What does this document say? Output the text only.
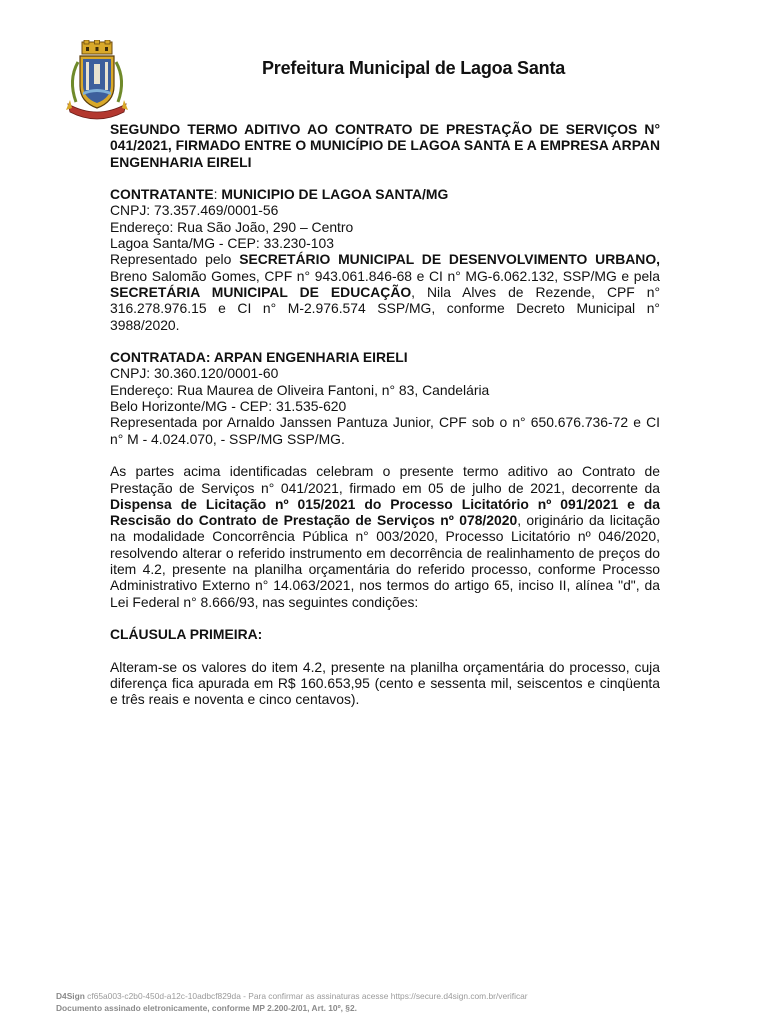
Prefeitura Municipal de Lagoa Santa

SEGUNDO TERMO ADITIVO AO CONTRATO DE PRESTAÇÃO DE SERVIÇOS N° 041/2021, FIRMADO ENTRE O MUNICÍPIO DE LAGOA SANTA E A EMPRESA ARPAN ENGENHARIA EIRELI

CONTRATANTE: MUNICIPIO DE LAGOA SANTA/MG

CNPJ: 73.357.469/0001-56

Endereço: Rua São João, 290 – Centro

Lagoa Santa/MG - CEP: 33.230-103

Representado pelo SECRETÁRIO MUNICIPAL DE DESENVOLVIMENTO URBANO, Breno Salomão Gomes, CPF n° 943.061.846-68 e CI n° MG-6.062.132, SSP/MG e pela SECRETÁRIA MUNICIPAL DE EDUCAÇÃO, Nila Alves de Rezende, CPF n° 316.278.976.15 e CI n° M-2.976.574 SSP/MG, conforme Decreto Municipal n° 3988/2020.

CONTRATADA: ARPAN ENGENHARIA EIRELI

CNPJ: 30.360.120/0001-60

Endereço: Rua Maurea de Oliveira Fantoni, n° 83, Candelária

Belo Horizonte/MG - CEP: 31.535-620

Representada por Arnaldo Janssen Pantuza Junior, CPF sob o n° 650.676.736-72 e CI n° M - 4.024.070, - SSP/MG SSP/MG.

As partes acima identificadas celebram o presente termo aditivo ao Contrato de Prestação de Serviços n° 041/2021, firmado em 05 de julho de 2021, decorrente da Dispensa de Licitação nº 015/2021 do Processo Licitatório nº 091/2021 e da Rescisão do Contrato de Prestação de Serviços nº 078/2020, originário da licitação na modalidade Concorrência Pública n° 003/2020, Processo Licitatório nº 046/2020, resolvendo alterar o referido instrumento em decorrência de realinhamento de preços do item 4.2, presente na planilha orçamentária do referido processo, conforme Processo Administrativo Externo n° 14.063/2021, nos termos do artigo 65, inciso II, alínea "d", da Lei Federal n° 8.666/93, nas seguintes condições:

CLÁUSULA PRIMEIRA:

Alteram-se os valores do item 4.2, presente na planilha orçamentária do processo, cuja diferença fica apurada em R$ 160.653,95 (cento e sessenta mil, seiscentos e cinqüenta e três reais e noventa e cinco centavos).

D4Sign cf65a003-c2b0-450d-a12c-10adbcf829da - Para confirmar as assinaturas acesse https://secure.d4sign.com.br/verificar
Documento assinado eletronicamente, conforme MP 2.200-2/01, Art. 10º, §2.
